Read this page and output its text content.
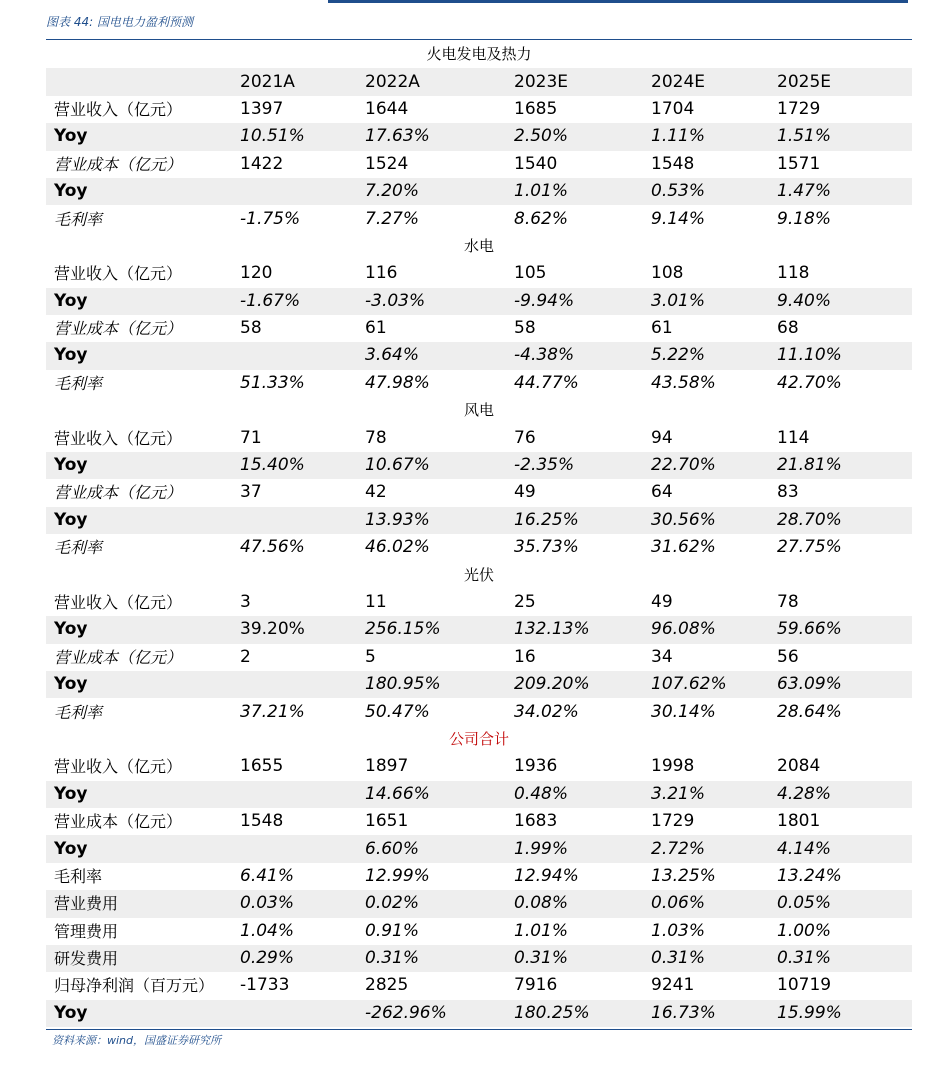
图表 44: 国电电力盈利预测
火电发电及热力					
	2021A	2022A	2023E	2024E	2025E
营业收入（亿元）	1397	1644	1685	1704	1729
Yoy	10.51%	17.63%	2.50%	1.11%	1.51%
营业成本（亿元）	1422	1524	1540	1548	1571
Yoy		7.20%	1.01%	0.53%	1.47%
毛利率	-1.75%	7.27%	8.62%	9.14%	9.18%
水电					
营业收入（亿元）	120	116	105	108	118
Yoy	-1.67%	-3.03%	-9.94%	3.01%	9.40%
营业成本（亿元）	58	61	58	61	68
Yoy		3.64%	-4.38%	5.22%	11.10%
毛利率	51.33%	47.98%	44.77%	43.58%	42.70%
风电					
营业收入（亿元）	71	78	76	94	114
Yoy	15.40%	10.67%	-2.35%	22.70%	21.81%
营业成本（亿元）	37	42	49	64	83
Yoy		13.93%	16.25%	30.56%	28.70%
毛利率	47.56%	46.02%	35.73%	31.62%	27.75%
光伏					
营业收入（亿元）	3	11	25	49	78
Yoy	39.20%	256.15%	132.13%	96.08%	59.66%
营业成本（亿元）	2	5	16	34	56
Yoy		180.95%	209.20%	107.62%	63.09%
毛利率	37.21%	50.47%	34.02%	30.14%	28.64%
公司合计					
营业收入（亿元）	1655	1897	1936	1998	2084
Yoy		14.66%	0.48%	3.21%	4.28%
营业成本（亿元）	1548	1651	1683	1729	1801
Yoy		6.60%	1.99%	2.72%	4.14%
毛利率	6.41%	12.99%	12.94%	13.25%	13.24%
营业费用	0.03%	0.02%	0.08%	0.06%	0.05%
管理费用	1.04%	0.91%	1.01%	1.03%	1.00%
研发费用	0.29%	0.31%	0.31%	0.31%	0.31%
归母净利润（百万元）	-1733	2825	7916	9241	10719
Yoy		-262.96%	180.25%	16.73%	15.99%
资料来源：wind，国盛证券研究所
